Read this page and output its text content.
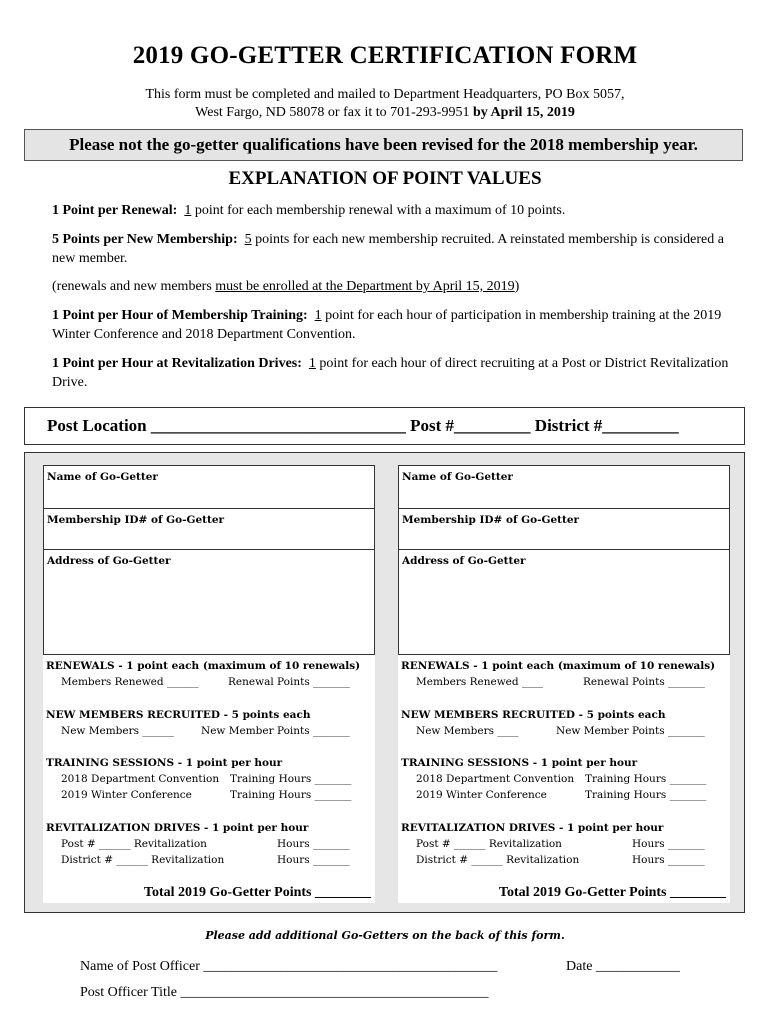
2019 GO-GETTER CERTIFICATION FORM
This form must be completed and mailed to Department Headquarters, PO Box 5057,
West Fargo, ND 58078 or fax it to 701-293-9951 by April 15, 2019
Please not the go-getter qualifications have been revised for the 2018 membership year.
EXPLANATION OF POINT VALUES
1 Point per Renewal: 1 point for each membership renewal with a maximum of 10 points.
5 Points per New Membership: 5 points for each new membership recruited. A reinstated membership is considered a new member.
(renewals and new members must be enrolled at the Department by April 15, 2019)
1 Point per Hour of Membership Training: 1 point for each hour of participation in membership training at the 2019 Winter Conference and 2018 Department Convention.
1 Point per Hour at Revitalization Drives: 1 point for each hour of direct recruiting at a Post or District Revitalization Drive.
Post Location ______________________________ Post #_________ District #_________
Name of Go-Getter
Membership ID# of Go-Getter
Address of Go-Getter
RENEWALS - 1 point each (maximum of 10 renewals)
Members Renewed ______	Renewal Points _______
NEW MEMBERS RECRUITED - 5 points each
New Members ______	New Member Points _______
TRAINING SESSIONS - 1 point per hour
2018 Department Convention Training Hours _______
2019 Winter Conference	Training Hours _______
REVITALIZATION DRIVES - 1 point per hour
Post # ______ Revitalization	Hours _______
District # ______ Revitalization	Hours _______
Total 2019 Go-Getter Points ________
Name of Go-Getter
Membership ID# of Go-Getter
Address of Go-Getter
RENEWALS - 1 point each (maximum of 10 renewals)
Members Renewed ____	Renewal Points _______
NEW MEMBERS RECRUITED - 5 points each
New Members ____	New Member Points _______
TRAINING SESSIONS - 1 point per hour
2018 Department Convention Training Hours _______
2019 Winter Conference	Training Hours _______
REVITALIZATION DRIVES - 1 point per hour
Post # ______ Revitalization	Hours _______
District # ______ Revitalization	Hours _______
Total 2019 Go-Getter Points ________
Please add additional Go-Getters on the back of this form.
Name of Post Officer __________________________________________	Date ____________
Post Officer Title ____________________________________________
